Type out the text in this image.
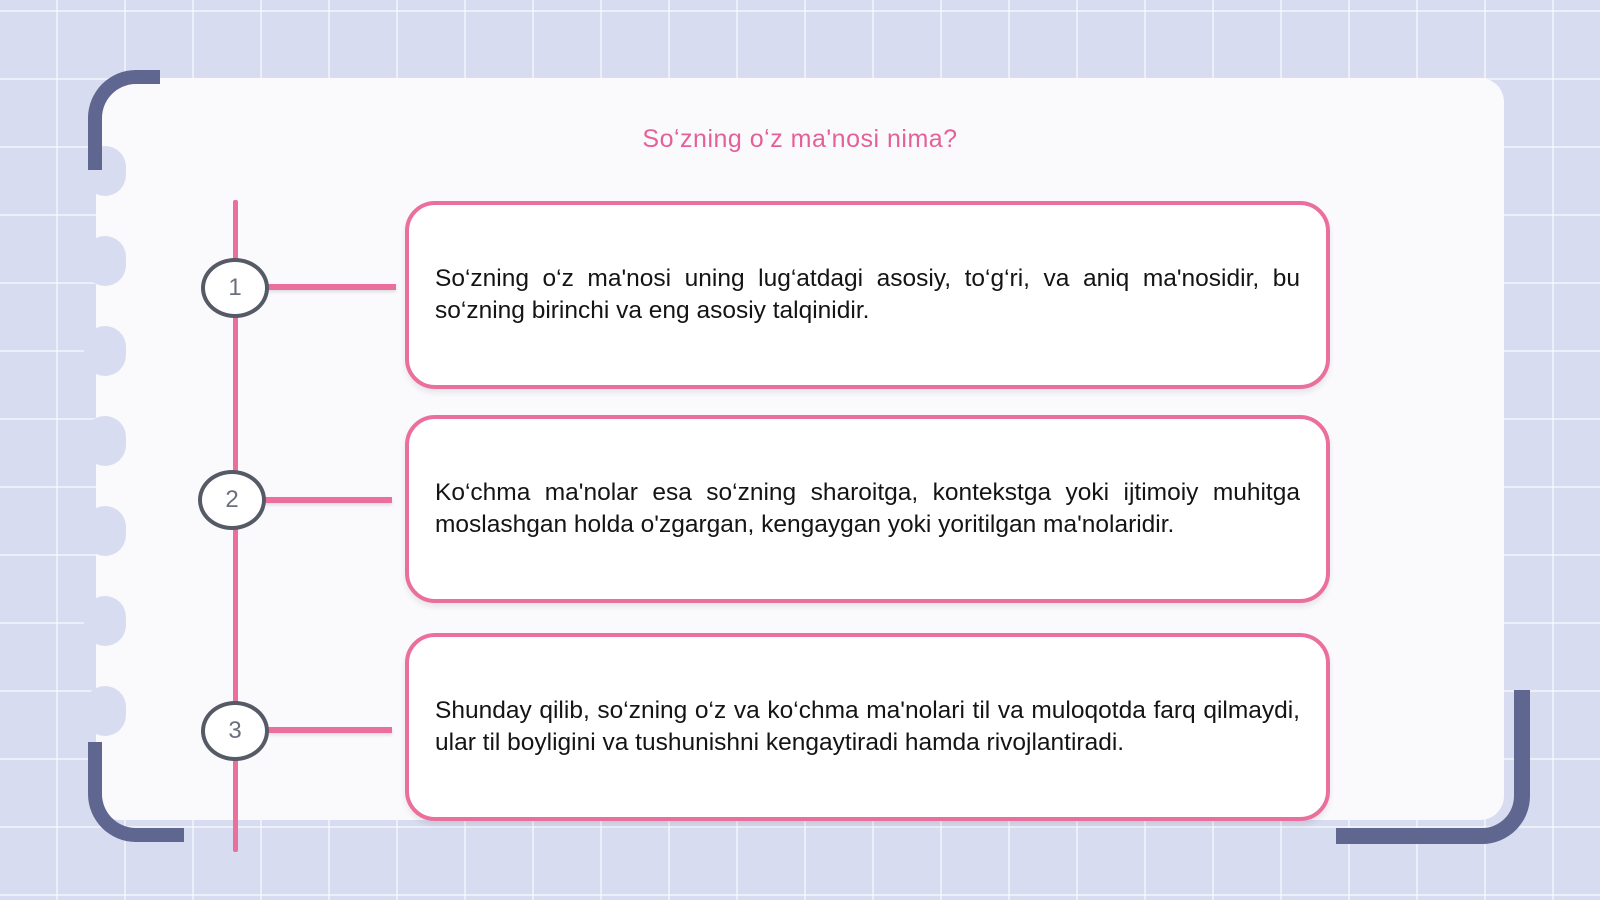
Soʻzning oʻz ma'nosi nima?
1	So‘zning o‘z ma'nosi uning lug‘atdagi asosiy, to‘g‘ri, va aniq ma'nosidir, bu so‘zning birinchi va eng asosiy talqinidir.

2	Ko‘chma ma'nolar esa so‘zning sharoitga, kontekstga yoki ijtimoiy muhitga moslashgan holda o'zgargan, kengaygan yoki yoritilgan ma'nolaridir.

3

Shunday qilib, so‘zning o‘z va ko‘chma ma'nolari til va muloqotda farq qilmaydi, ular til boyligini va tushunishni kengaytiradi hamda rivojlantiradi.
